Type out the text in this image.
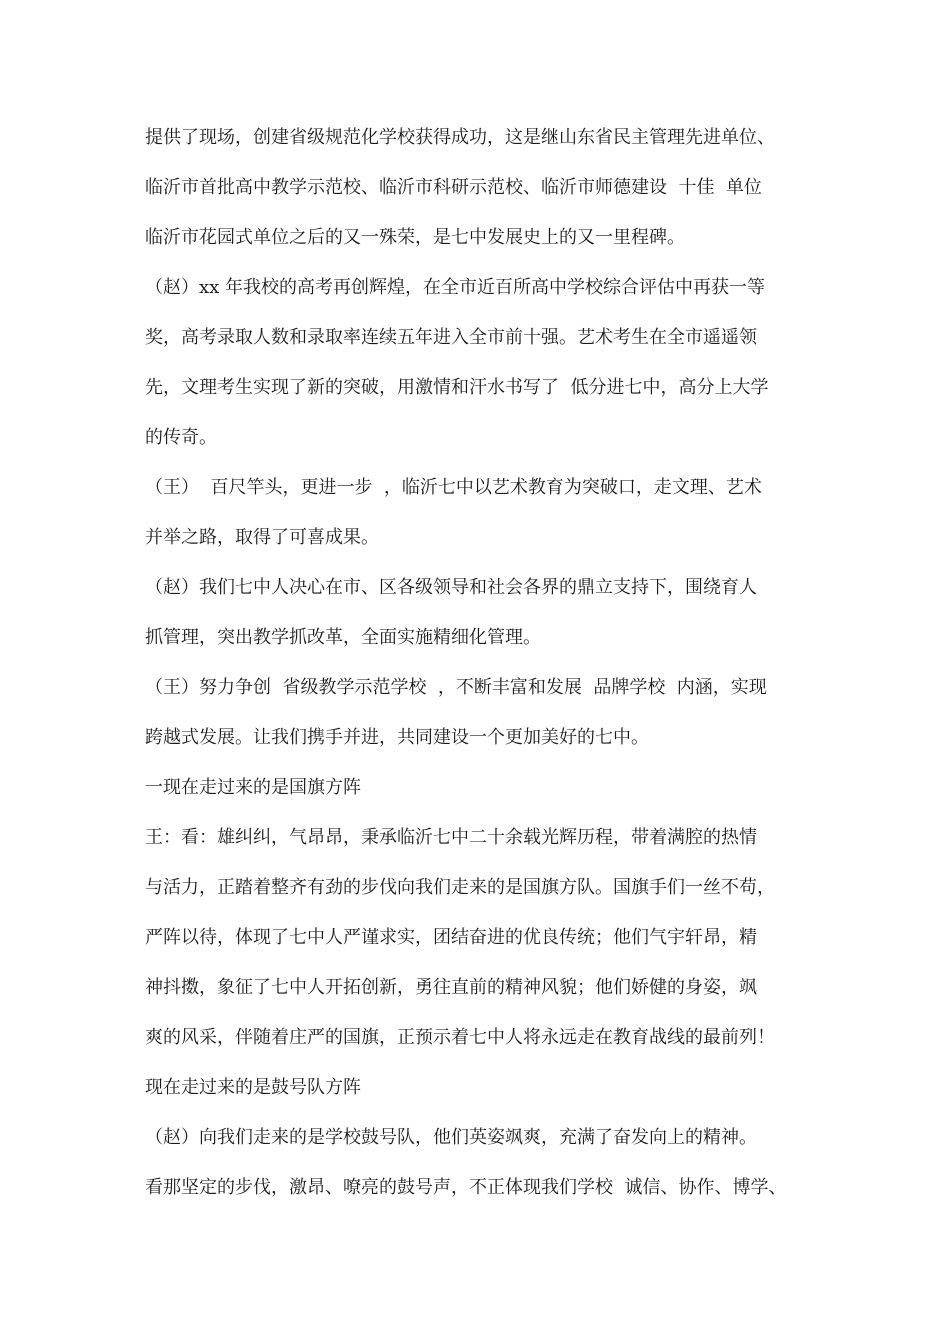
提供了现场，创建省级规范化学校获得成功，这是继山东省民主管理先进单位、
临沂市首批高中教学示范校、临沂市科研示范校、临沂市师德建设  十佳  单位
临沂市花园式单位之后的又一殊荣，是七中发展史上的又一里程碑。
（赵）xx 年我校的高考再创辉煌，在全市近百所高中学校综合评估中再获一等
奖，高考录取人数和录取率连续五年进入全市前十强。艺术考生在全市遥遥领
先，文理考生实现了新的突破，用激情和汗水书写了  低分进七中，高分上大学
的传奇。
（王）  百尺竿头，更进一步  ，临沂七中以艺术教育为突破口，走文理、艺术
并举之路，取得了可喜成果。
（赵）我们七中人决心在市、区各级领导和社会各界的鼎立支持下，围绕育人
抓管理，突出教学抓改革，全面实施精细化管理。
（王）努力争创  省级教学示范学校  ，不断丰富和发展  品牌学校  内涵，实现
跨越式发展。让我们携手并进，共同建设一个更加美好的七中。
一现在走过来的是国旗方阵
王：看：雄纠纠，气昂昂，秉承临沂七中二十余载光辉历程，带着满腔的热情
与活力，正踏着整齐有劲的步伐向我们走来的是国旗方队。国旗手们一丝不苟，
严阵以待，体现了七中人严谨求实，团结奋进的优良传统；他们气宇轩昂，精
神抖擞，象征了七中人开拓创新，勇往直前的精神风貌；他们娇健的身姿，飒
爽的风采，伴随着庄严的国旗，正预示着七中人将永远走在教育战线的最前列！
现在走过来的是鼓号队方阵
（赵）向我们走来的是学校鼓号队，他们英姿飒爽，充满了奋发向上的精神。
看那坚定的步伐，激昂、嘹亮的鼓号声，不正体现我们学校  诚信、协作、博学、
